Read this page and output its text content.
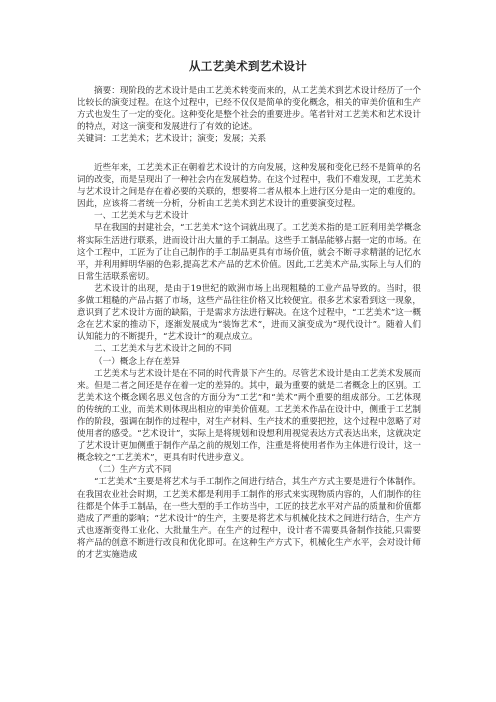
从工艺美术到艺术设计

摘要：现阶段的艺术设计是由工艺美术转变而来的，从工艺美术到艺术设计经历了一个比较长的演变过程。在这个过程中，已经不仅仅是简单的变化概念，相关的审美价值和生产方式也发生了一定的变化。这种变化是整个社会的重要进步。笔者针对工艺美术和艺术设计的特点，对这一演变和发展进行了有效的论述。

关键词：工艺美术；艺术设计；演变；发展；关系

近些年来，工艺美术正在朝着艺术设计的方向发展，这种发展和变化已经不是简单的名词的改变，而是呈现出了一种社会内在发展趋势。在这个过程中，我们不难发现，工艺美术与艺术设计之间是存在着必要的关联的，想要将二者从根本上进行区分是由一定的难度的。因此，应该将二者统一分析，分析由工艺美术到艺术设计的重要演变过程。

一、工艺美术与艺术设计

早在我国的封建社会，“工艺美术”这个词就出现了。工艺美术指的是工匠利用美学概念将实际生活进行联系，进而设计出大量的手工制品。这些手工制品能够占据一定的市场。在这个工程中，工匠为了让自己制作的手工制品更具有市场价值，就会不断寻求精湛的记忆水平，并利用鲜明华丽的色彩,提高艺术产品的艺术价值。因此,工艺美术产品,实际上与人们的日常生活联系密切。

艺术设计的出现，是由于19世纪的欧洲市场上出现粗糙的工业产品导致的。当时，很多做工粗糙的产品占据了市场，这些产品往往价格又比较便宜。很多艺术家看到这一现象，意识到了艺术设计方面的缺陷，于是需求方法进行解决。在这个过程中，“工艺美术”这一概念在艺术家的推动下，逐渐发展成为“装饰艺术”，进而又演变成为“现代设计”。随着人们认知能力的不断提升，“艺术设计”的观点成立。

二、工艺美术与艺术设计之间的不同

（一）概念上存在差异

工艺美术与艺术设计是在不同的时代背景下产生的。尽管艺术设计是由工艺美术发展而来。但是二者之间还是存在着一定的差异的。其中，最为重要的就是二者概念上的区别。工艺美术这个概念顾名思义包含的方面分为“工艺”和“美术”两个重要的组成部分。工艺体现的传统的工业，而美术则体现出相应的审美价值观。工艺美术作品在设计中，侧重于工艺制作的阶段，强调在制作的过程中，对生产材料、生产技术的重要把控，这个过程中忽略了对使用者的感受。“艺术设计”，实际上是将规划和设想利用视觉表达方式表达出来，这就决定了艺术设计更加侧重于制作产品之前的规划工作，注重是将使用者作为主体进行设计，这一概念较之“工艺美术”，更具有时代进步意义。

（二）生产方式不同

“工艺美术”主要是将艺术与手工制作之间进行结合，其生产方式主要是进行个体制作。在我国农业社会时期，工艺美术都是利用手工制作的形式来实现物质内容的，人们制作的往往都是个体手工制品，在一些大型的手工作坊当中，工匠的技艺水平对产品的质量和价值都造成了严重的影响；“艺术设计”的生产，主要是将艺术与机械化技术之间进行结合，生产方式也逐渐变得工业化、大批量生产。在生产的过程中，设计者不需要具备制作技能,只需要将产品的创意不断进行改良和优化即可。在这种生产方式下，机械化生产水平，会对设计师的才艺实施造成
